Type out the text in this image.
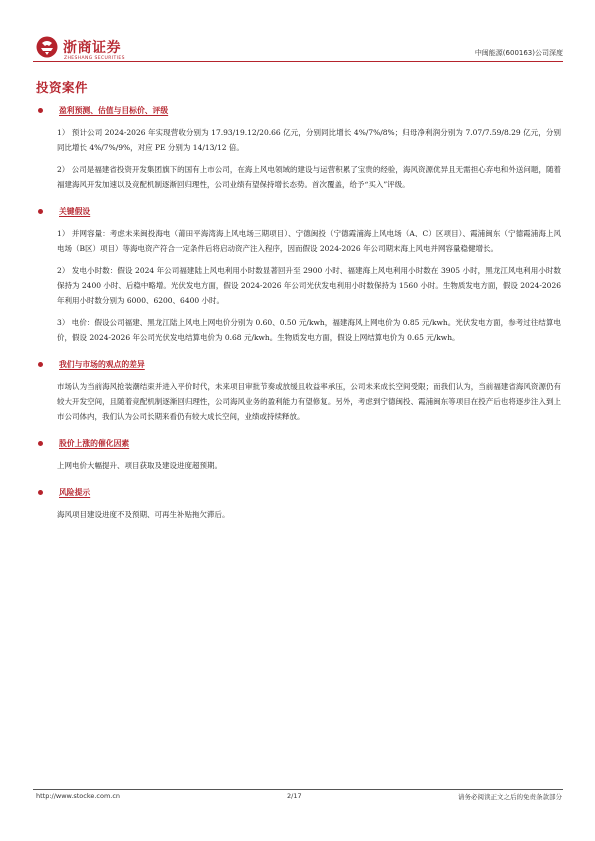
浙商证券
ZHESHANG SECURITIES
中闽能源(600163)公司深度
投资案件
盈利预测、估值与目标价、评级

1） 预计公司 2024-2026 年实现营收分别为 17.93/19.12/20.66 亿元，分别同比增长 4%/7%/8%；归母净利润分别为 7.07/7.59/8.29 亿元，分别同比增长 4%/7%/9%，对应 PE 分别为 14/13/12 倍。

2） 公司是福建省投资开发集团旗下的国有上市公司，在海上风电领域的建设与运营积累了宝贵的经验，海风资源优异且无需担心弃电和外送问题，随着福建海风开发加速以及竞配机制逐渐回归理性，公司业绩有望保持增长态势。首次覆盖，给予“买入”评级。

关键假设

1） 并网容量：考虑未来闽投海电（莆田平海湾海上风电场三期项目）、宁德闽投（宁德霞浦海上风电场（A、C）区项目）、霞浦闽东（宁德霞浦海上风电场（B区）项目）等海电资产符合一定条件后将启动资产注入程序，因而假设 2024-2026 年公司期末海上风电并网容量稳健增长。

2） 发电小时数：假设 2024 年公司福建陆上风电利用小时数显著回升至 2900 小时、福建海上风电利用小时数在 3905 小时，黑龙江风电利用小时数保持为 2400 小时、后稳中略增。光伏发电方面，假设 2024-2026 年公司光伏发电利用小时数保持为 1560 小时。生物质发电方面，假设 2024-2026 年利用小时数分别为 6000、6200、6400 小时。

3） 电价：假设公司福建、黑龙江陆上风电上网电价分别为 0.60、0.50 元/kwh，福建海风上网电价为 0.85 元/kwh。光伏发电方面，参考过往结算电价，假设 2024-2026 年公司光伏发电结算电价为 0.68 元/kwh。生物质发电方面，假设上网结算电价为 0.65 元/kwh。

我们与市场的观点的差异

市场认为当前海风抢装潮结束并进入平价时代，未来项目审批节奏或放缓且收益率承压，公司未来成长空间受限；而我们认为，当前福建省海风资源仍有较大开发空间，且随着竞配机制逐渐回归理性，公司海风业务的盈利能力有望修复。另外，考虑到宁德闽投、霞浦闽东等项目在投产后也将逐步注入到上市公司体内，我们认为公司长期来看仍有较大成长空间，业绩或持续释放。

股价上涨的催化因素

上网电价大幅提升、项目获取及建设进度超预期。

风险提示

海风项目建设进度不及预期、可再生补贴拖欠滞后。

http://www.stocke.com.cn	2/17	请务必阅读正文之后的免责条款部分
